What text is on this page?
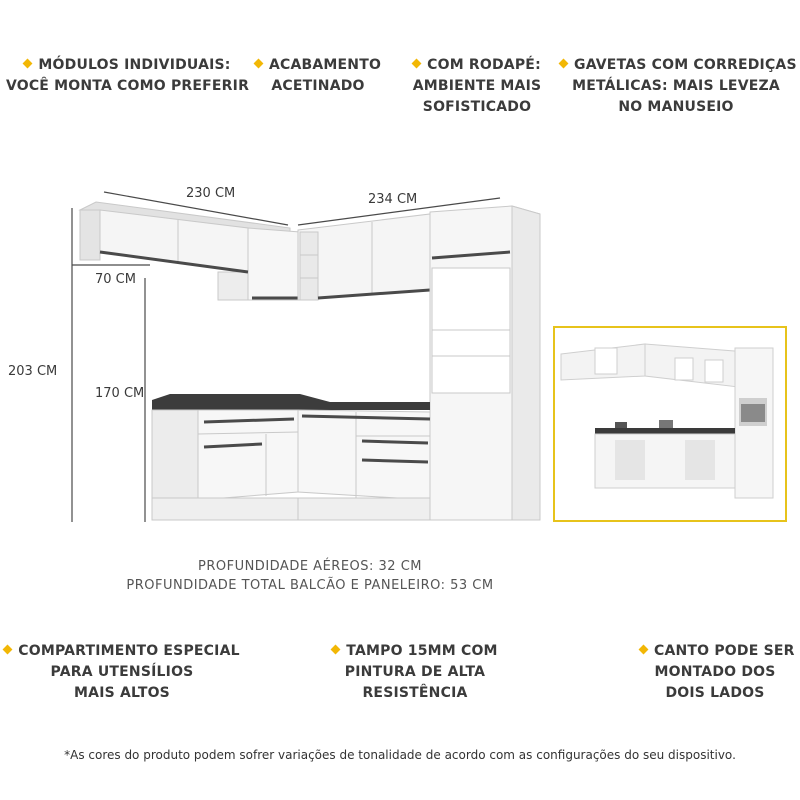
MÓDULOS INDIVIDUAIS:
VOCÊ MONTA COMO PREFERIR
ACABAMENTO
ACETINADO
COM RODAPÉ:
AMBIENTE MAIS
SOFISTICADO
GAVETAS COM CORREDIÇAS
METÁLICAS: MAIS LEVEZA
NO MANUSEIO
230 CM	234 CM
70 CM
203 CM
170 CM
PROFUNDIDADE AÉREOS: 32 CM
PROFUNDIDADE TOTAL BALCÃO E PANELEIRO: 53 CM
COMPARTIMENTO ESPECIAL
PARA UTENSÍLIOS
MAIS ALTOS
TAMPO 15MM COM
PINTURA DE ALTA
RESISTÊNCIA
CANTO PODE SER
MONTADO DOS
DOIS LADOS
*As cores do produto podem sofrer variações de tonalidade de acordo com as configurações do seu dispositivo.
